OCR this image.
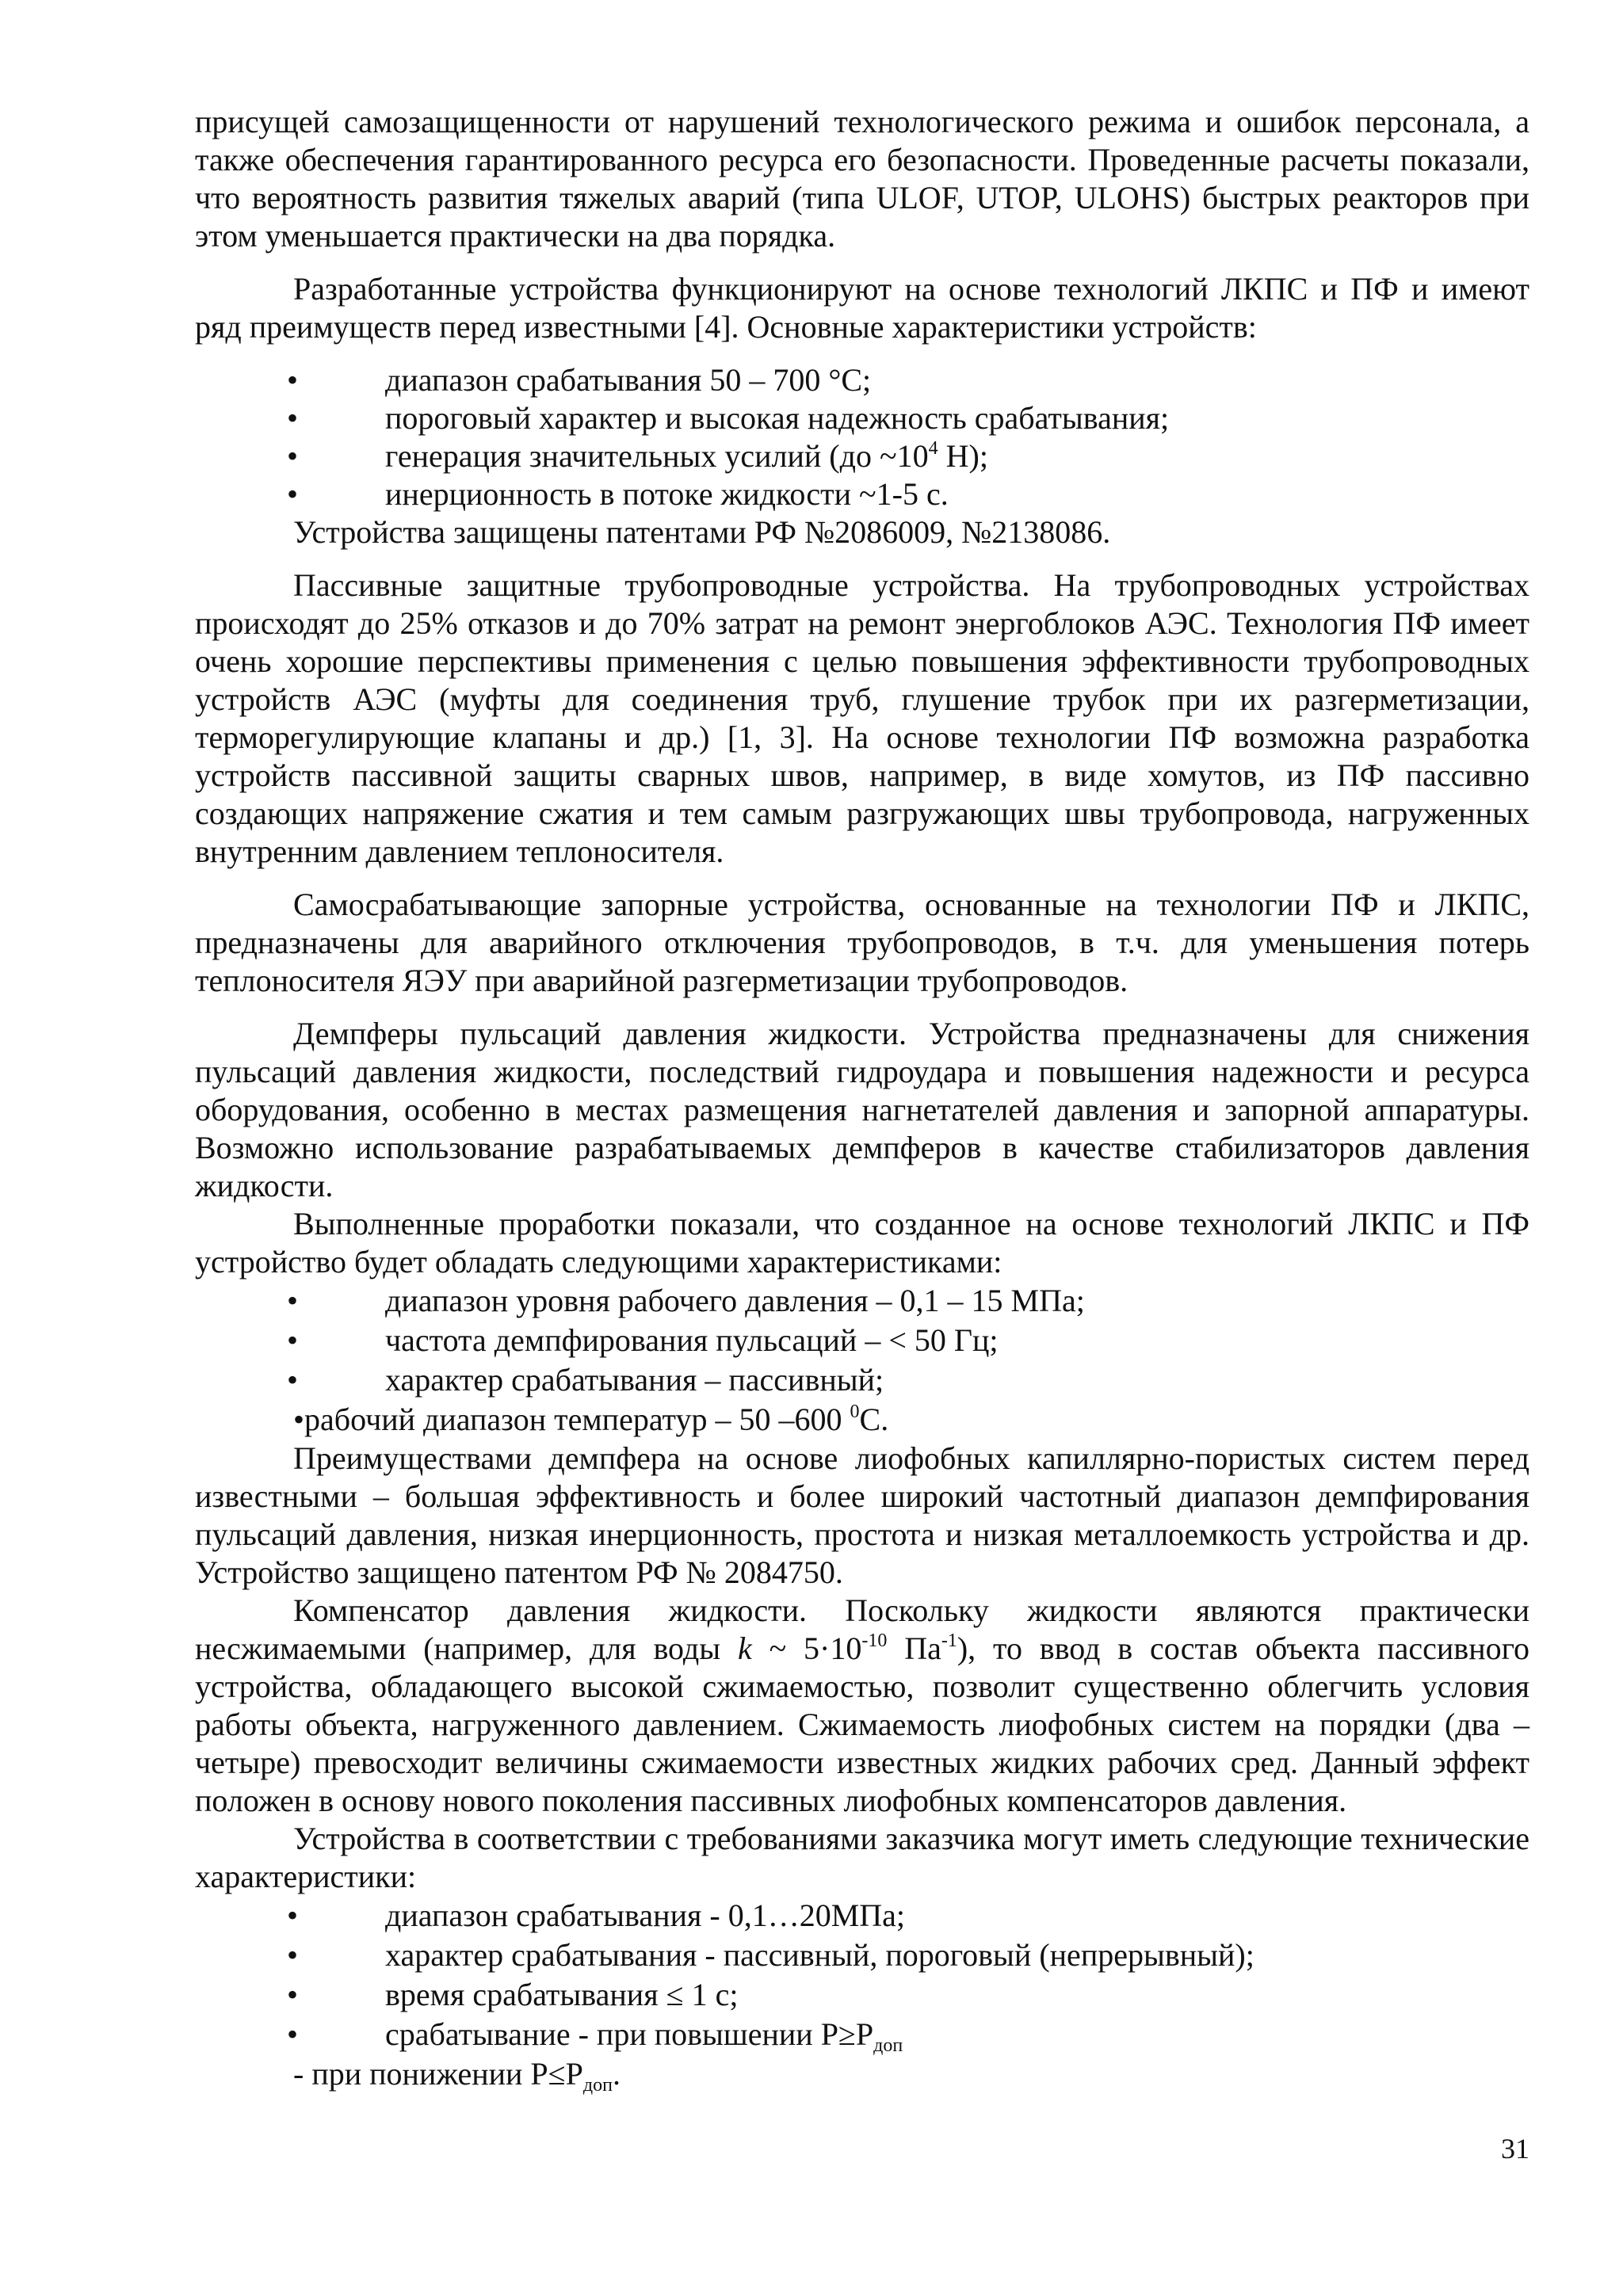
присущей самозащищенности от нарушений технологического режима и ошибок персонала, а также обеспечения гарантированного ресурса его безопасности. Проведенные расчеты показали, что вероятность развития тяжелых аварий (типа ULOF, UTOP, ULOHS) быстрых реакторов при этом уменьшается практически на два порядка.

Разработанные устройства функционируют на основе технологий ЛКПС и ПФ и имеют ряд преимуществ перед известными [4]. Основные характеристики устройств:

•	диапазон срабатывания 50 – 700 °С;
•	пороговый характер и высокая надежность срабатывания;
•	генерация значительных усилий (до $\sim 10^4$ Н);
•	инерционность в потоке жидкости ~1-5 с.

Устройства защищены патентами РФ №2086009, №2138086.

Пассивные защитные трубопроводные устройства. На трубопроводных устройствах происходят до 25% отказов и до 70% затрат на ремонт энергоблоков АЭС. Технология ПФ имеет очень хорошие перспективы применения с целью повышения эффективности трубопроводных устройств АЭС (муфты для соединения труб, глушение трубок при их разгерметизации, терморегулирующие клапаны и др.) [1, 3]. На основе технологии ПФ возможна разработка устройств пассивной защиты сварных швов, например, в виде хомутов, из ПФ пассивно создающих напряжение сжатия и тем самым разгружающих швы трубопровода, нагруженных внутренним давлением теплоносителя.

Самосрабатывающие запорные устройства, основанные на технологии ПФ и ЛКПС, предназначены для аварийного отключения трубопроводов, в т.ч. для уменьшения потерь теплоносителя ЯЭУ при аварийной разгерметизации трубопроводов.

Демпферы пульсаций давления жидкости. Устройства предназначены для снижения пульсаций давления жидкости, последствий гидроудара и повышения надежности и ресурса оборудования, особенно в местах размещения нагнетателей давления и запорной аппаратуры. Возможно использование разрабатываемых демпферов в качестве стабилизаторов давления жидкости.

Выполненные проработки показали, что созданное на основе технологий ЛКПС и ПФ устройство будет обладать следующими характеристиками:

•	диапазон уровня рабочего давления – 0,1 – 15 МПа;
•	частота демпфирования пульсаций – < 50 Гц;
•	характер срабатывания – пассивный;
•рабочий диапазон температур – 50 –600 $^0$С.

Преимуществами демпфера на основе лиофобных капиллярно-пористых систем перед известными – большая эффективность и более широкий частотный диапазон демпфирования пульсаций давления, низкая инерционность, простота и низкая металлоемкость устройства и др. Устройство защищено патентом РФ № 2084750.

Компенсатор давления жидкости. Поскольку жидкости являются практически несжимаемыми (например, для воды k ~ $5\cdot 10^{-10}$ $Па^{-1}$), то ввод в состав объекта пассивного устройства, обладающего высокой сжимаемостью, позволит существенно облегчить условия работы объекта, нагруженного давлением. Сжимаемость лиофобных систем на порядки (два – четыре) превосходит величины сжимаемости известных жидких рабочих сред. Данный эффект положен в основу нового поколения пассивных лиофобных компенсаторов давления.

Устройства в соответствии с требованиями заказчика могут иметь следующие технические характеристики:

•	диапазон срабатывания - 0,1…20МПа;
•	характер срабатывания - пассивный, пороговый (непрерывный);
•	время срабатывания ≤ 1 с;
•	срабатывание - при повышении $Р\ge Р_{доп}$
- при понижении $Р\le Р_{доп}$.
31
